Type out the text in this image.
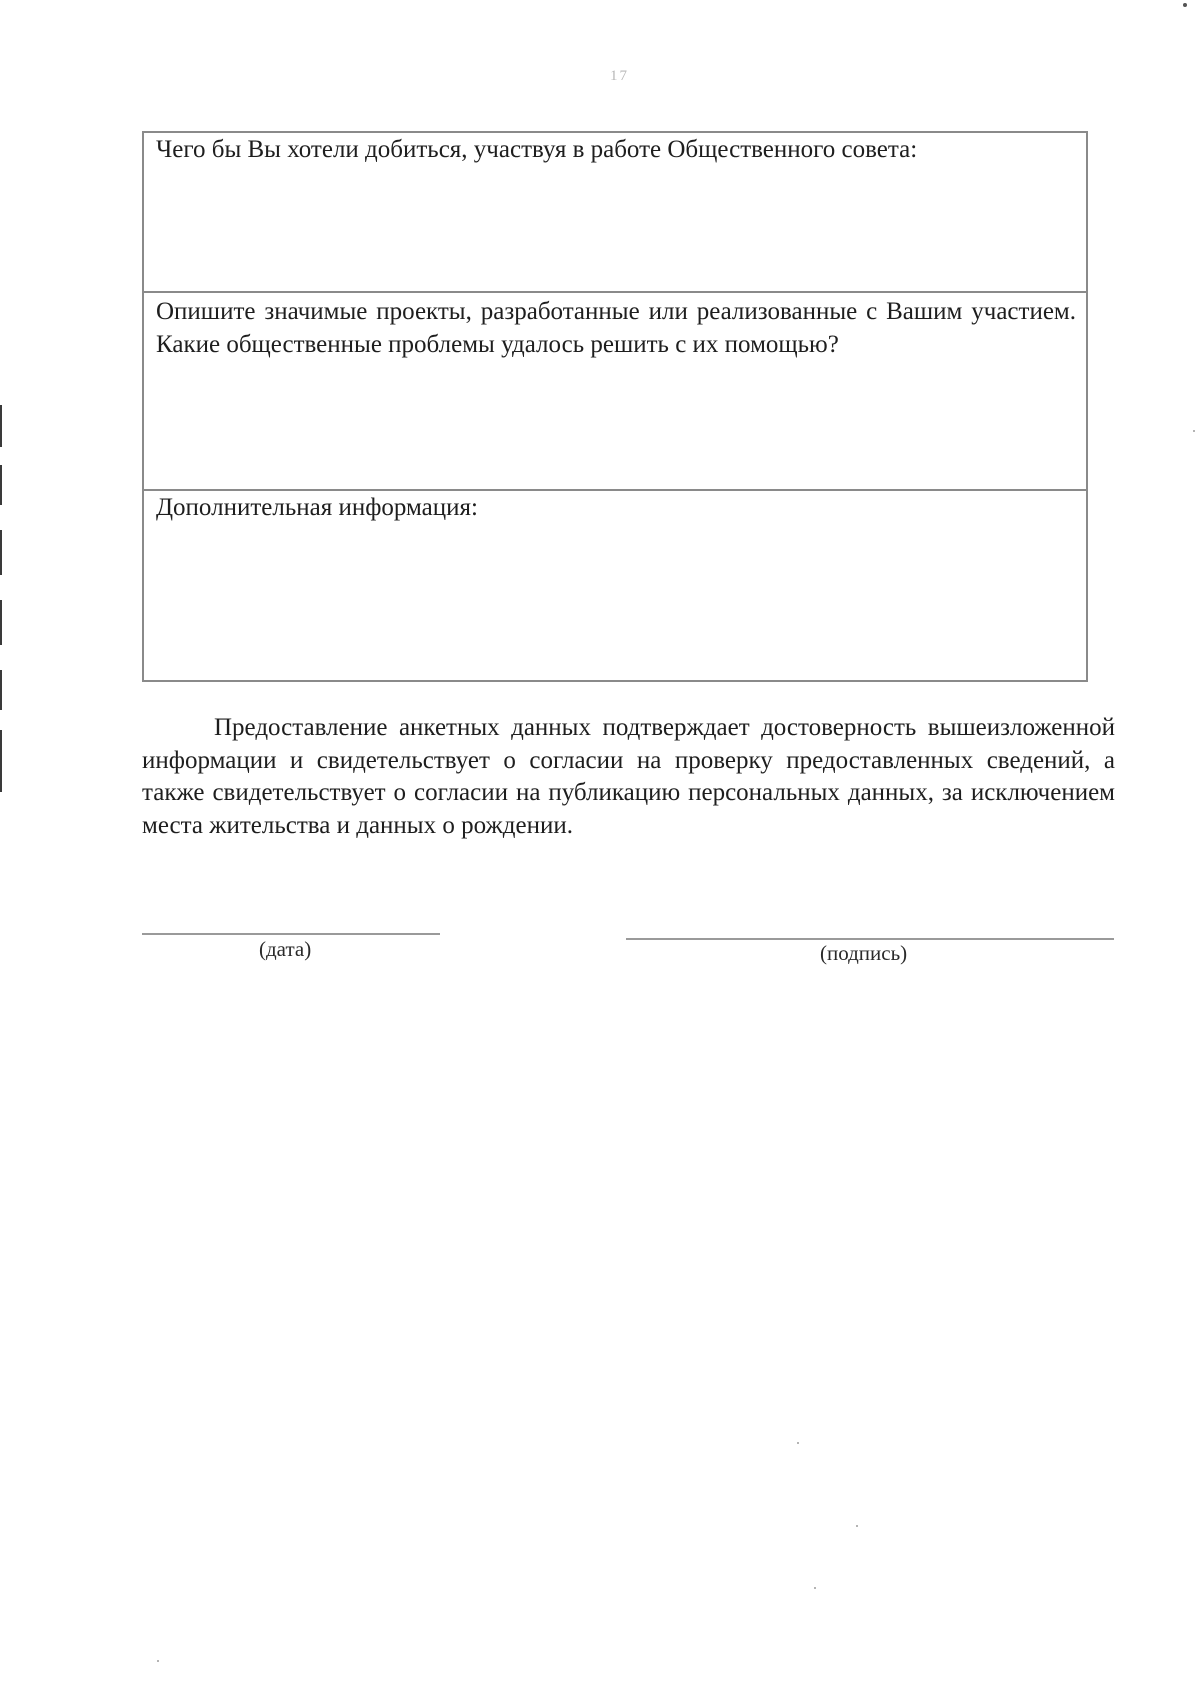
17
Чего бы Вы хотели добиться, участвуя в работе Общественного совета:
Опишите значимые проекты, разработанные или реализованные с Вашим участием. Какие общественные проблемы удалось решить с их помощью?
Дополнительная информация:

Предоставление анкетных данных подтверждает достоверность вышеизложенной информации и свидетельствует о согласии на проверку предоставленных сведений, а также свидетельствует о согласии на публикацию персональных данных, за исключением места жительства и данных о рождении.

(дата)	(подпись)
